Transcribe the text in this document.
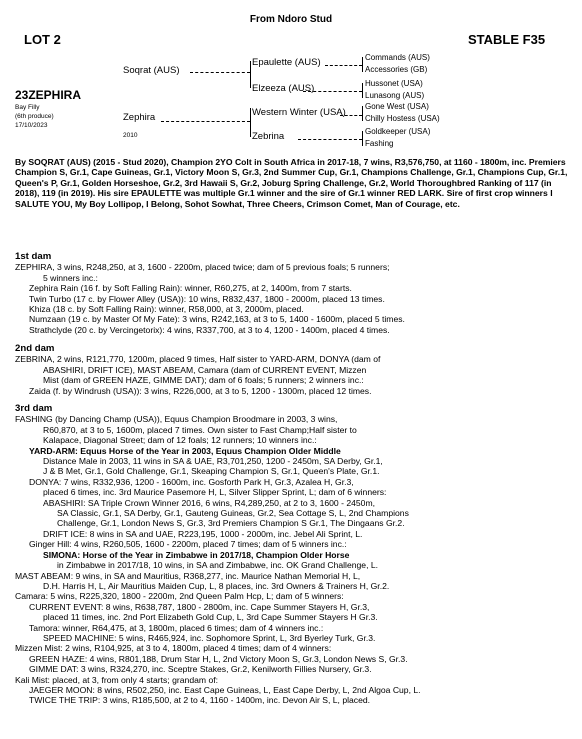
From Ndoro Stud
LOT 2	STABLE F35
23ZEPHIRA
Bay Filly
(6th produce)
17/10/2023
Soqrat (AUS)
Zephira
2010
Epaulette (AUS)
Elzeeza (AUS)
Western Winter (USA)
Zebrina
Commands (AUS)
Accessories (GB)
Hussonet (USA)
Lunasong (AUS)
Gone West (USA)
Chilly Hostess (USA)
Goldkeeper (USA)
Fashing
By SOQRAT (AUS) (2015 - Stud 2020), Champion 2YO Colt in South Africa in 2017-18, 7 wins, R3,576,750, at 1160 - 1800m, inc. Premiers Champion S, Gr.1, Cape Guineas, Gr.1, Victory Moon S, Gr.3, 2nd Summer Cup, Gr.1, Champions Challenge, Gr.1, Champions Cup, Gr.1, Queen's P, Gr.1, Golden Horseshoe, Gr.2, 3rd Hawaii S, Gr.2, Joburg Spring Challenge, Gr.2, World Thoroughbred Ranking of 117 (in 2018), 119 (in 2019). His sire EPAULETTE was multiple Gr.1 winner and the sire of Gr.1 winner RED LARK. Sire of first crop winners I SALUTE YOU, My Boy Lollipop, I Belong, Sohot Sowhat, Three Cheers, Crimson Comet, Man of Courage, etc.
1st dam
ZEPHIRA, 3 wins, R248,250, at 3, 1600 - 2200m, placed twice; dam of 5 previous foals; 5 runners;
5 winners inc.:
Zephira Rain (16 f. by Soft Falling Rain): winner, R60,275, at 2, 1400m, from 7 starts.
Twin Turbo (17 c. by Flower Alley (USA)): 10 wins, R832,437, 1800 - 2000m, placed 13 times.
Khiza (18 c. by Soft Falling Rain): winner, R58,000, at 3, 2000m, placed.
Numzaan (19 c. by Master Of My Fate): 3 wins, R242,163, at 3 to 5, 1400 - 1600m, placed 5 times.
Strathclyde (20 c. by Vercingetorix): 4 wins, R337,700, at 3 to 4, 1200 - 1400m, placed 4 times.
2nd dam
ZEBRINA, 2 wins, R121,770, 1200m, placed 9 times, Half sister to YARD-ARM, DONYA (dam of
ABASHIRI, DRIFT ICE), MAST ABEAM, Camara (dam of CURRENT EVENT, Mizzen
Mist (dam of GREEN HAZE, GIMME DAT); dam of 6 foals; 5 runners; 2 winners inc.:
Zaida (f. by Windrush (USA)): 3 wins, R226,000, at 3 to 5, 1200 - 1300m, placed 12 times.
3rd dam
FASHING (by Dancing Champ (USA)), Equus Champion Broodmare in 2003, 3 wins,
R60,870, at 3 to 5, 1600m, placed 7 times. Own sister to Fast Champ;Half sister to
Kalapace, Diagonal Street; dam of 12 foals; 12 runners; 10 winners inc.:
YARD-ARM: Equus Horse of the Year in 2003, Equus Champion Older Middle
Distance Male in 2003, 11 wins in SA & UAE, R3,701,250, 1200 - 2450m, SA Derby, Gr.1,
J & B Met, Gr.1, Gold Challenge, Gr.1, Skeaping Champion S, Gr.1, Queen's Plate, Gr.1.
DONYA: 7 wins, R332,936, 1200 - 1600m, inc. Gosforth Park H, Gr.3, Azalea H, Gr.3,
placed 6 times, inc. 3rd Maurice Pasemore H, L, Silver Slipper Sprint, L; dam of 6 winners:
ABASHIRI: SA Triple Crown Winner 2016, 6 wins, R4,289,250, at 2 to 3, 1600 - 2450m,
SA Classic, Gr.1, SA Derby, Gr.1, Gauteng Guineas, Gr.2, Sea Cottage S, L, 2nd Champions
Challenge, Gr.1, London News S, Gr.3, 3rd Premiers Champion S Gr.1, The Dingaans Gr.2.
DRIFT ICE: 8 wins in SA and UAE, R223,195, 1000 - 2000m, inc. Jebel Ali Sprint, L.
Ginger Hill: 4 wins, R260,505, 1600 - 2200m, placed 7 times; dam of 5 winners inc.:
SIMONA: Horse of the Year in Zimbabwe in 2017/18, Champion Older Horse
in Zimbabwe in 2017/18, 10 wins, in SA and Zimbabwe, inc. OK Grand Challenge, L.
MAST ABEAM: 9 wins, in SA and Mauritius, R368,277, inc. Maurice Nathan Memorial H, L,
D.H. Harris H, L, Air Mauritius Maiden Cup, L, 8 places, inc. 3rd Owners & Trainers H, Gr.2.
Camara: 5 wins, R225,320, 1800 - 2200m, 2nd Queen Palm Hcp, L; dam of 5 winners:
CURRENT EVENT: 8 wins, R638,787, 1800 - 2800m, inc. Cape Summer Stayers H, Gr.3,
placed 11 times, inc. 2nd Port Elizabeth Gold Cup, L, 3rd Cape Summer Stayers H Gr.3.
Tamora: winner, R64,475, at 3, 1800m, placed 6 times; dam of 4 winners inc.:
SPEED MACHINE: 5 wins, R465,924, inc. Sophomore Sprint, L, 3rd Byerley Turk, Gr.3.
Mizzen Mist: 2 wins, R104,925, at 3 to 4, 1800m, placed 4 times; dam of 4 winners:
GREEN HAZE: 4 wins, R801,188, Drum Star H, L, 2nd Victory Moon S, Gr.3, London News S, Gr.3.
GIMME DAT: 3 wins, R324,270, inc. Sceptre Stakes, Gr.2, Kenilworth Fillies Nursery, Gr.3.
Kali Mist: placed, at 3, from only 4 starts; grandam of:
JAEGER MOON: 8 wins, R502,250, inc. East Cape Guineas, L, East Cape Derby, L, 2nd Algoa Cup, L.
TWICE THE TRIP: 3 wins, R185,500, at 2 to 4, 1160 - 1400m, inc. Devon Air S, L, placed.
